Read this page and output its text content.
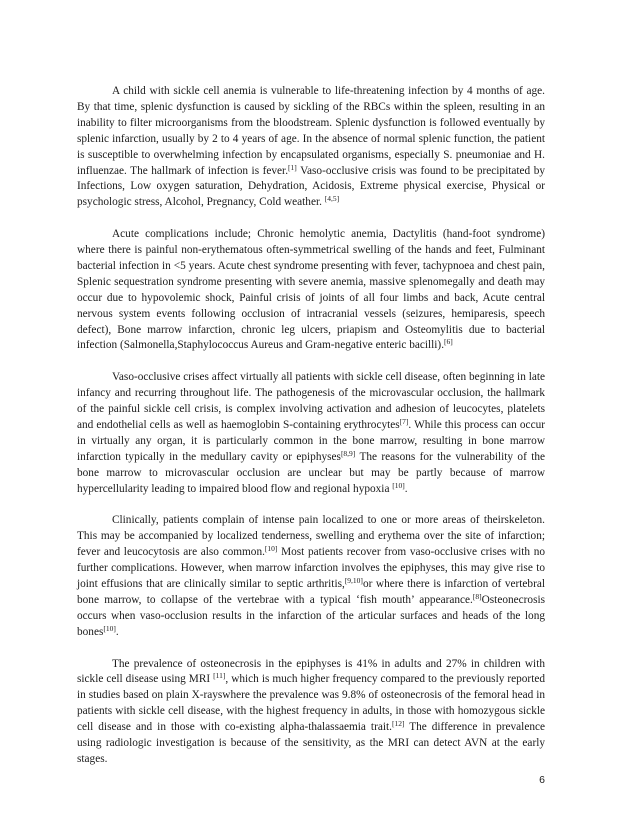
A child with sickle cell anemia is vulnerable to life-threatening infection by 4 months of age. By that time, splenic dysfunction is caused by sickling of the RBCs within the spleen, resulting in an inability to filter microorganisms from the bloodstream. Splenic dysfunction is followed eventually by splenic infarction, usually by 2 to 4 years of age. In the absence of normal splenic function, the patient is susceptible to overwhelming infection by encapsulated organisms, especially S. pneumoniae and H. influenzae. The hallmark of infection is fever.[1] Vaso-occlusive crisis was found to be precipitated by Infections, Low oxygen saturation, Dehydration, Acidosis, Extreme physical exercise, Physical or psychologic stress, Alcohol, Pregnancy, Cold weather. [4,5]

Acute complications include; Chronic hemolytic anemia, Dactylitis (hand-foot syndrome) where there is painful non-erythematous often-symmetrical swelling of the hands and feet, Fulminant bacterial infection in <5 years. Acute chest syndrome presenting with fever, tachypnoea and chest pain, Splenic sequestration syndrome presenting with severe anemia, massive splenomegally and death may occur due to hypovolemic shock, Painful crisis of joints of all four limbs and back, Acute central nervous system events following occlusion of intracranial vessels (seizures, hemiparesis, speech defect), Bone marrow infarction, chronic leg ulcers, priapism and Osteomylitis due to bacterial infection (Salmonella,Staphylococcus Aureus and Gram-negative enteric bacilli).[6]

Vaso-occlusive crises affect virtually all patients with sickle cell disease, often beginning in late infancy and recurring throughout life. The pathogenesis of the microvascular occlusion, the hallmark of the painful sickle cell crisis, is complex involving activation and adhesion of leucocytes, platelets and endothelial cells as well as haemoglobin S-containing erythrocytes[7]. While this process can occur in virtually any organ, it is particularly common in the bone marrow, resulting in bone marrow infarction typically in the medullary cavity or epiphyses[8,9] The reasons for the vulnerability of the bone marrow to microvascular occlusion are unclear but may be partly because of marrow hypercellularity leading to impaired blood flow and regional hypoxia [10].

Clinically, patients complain of intense pain localized to one or more areas of theirskeleton. This may be accompanied by localized tenderness, swelling and erythema over the site of infarction; fever and leucocytosis are also common.[10] Most patients recover from vaso-occlusive crises with no further complications. However, when marrow infarction involves the epiphyses, this may give rise to joint effusions that are clinically similar to septic arthritis,[9,10]or where there is infarction of vertebral bone marrow, to collapse of the vertebrae with a typical ‘fish mouth’ appearance.[8]Osteonecrosis occurs when vaso-occlusion results in the infarction of the articular surfaces and heads of the long bones[10].

The prevalence of osteonecrosis in the epiphyses is 41% in adults and 27% in children with sickle cell disease using MRI [11], which is much higher frequency compared to the previously reported in studies based on plain X-rayswhere the prevalence was 9.8% of osteonecrosis of the femoral head in patients with sickle cell disease, with the highest frequency in adults, in those with homozygous sickle cell disease and in those with co-existing alpha-thalassaemia trait.[12] The difference in prevalence using radiologic investigation is because of the sensitivity, as the MRI can detect AVN at the early stages.

6
